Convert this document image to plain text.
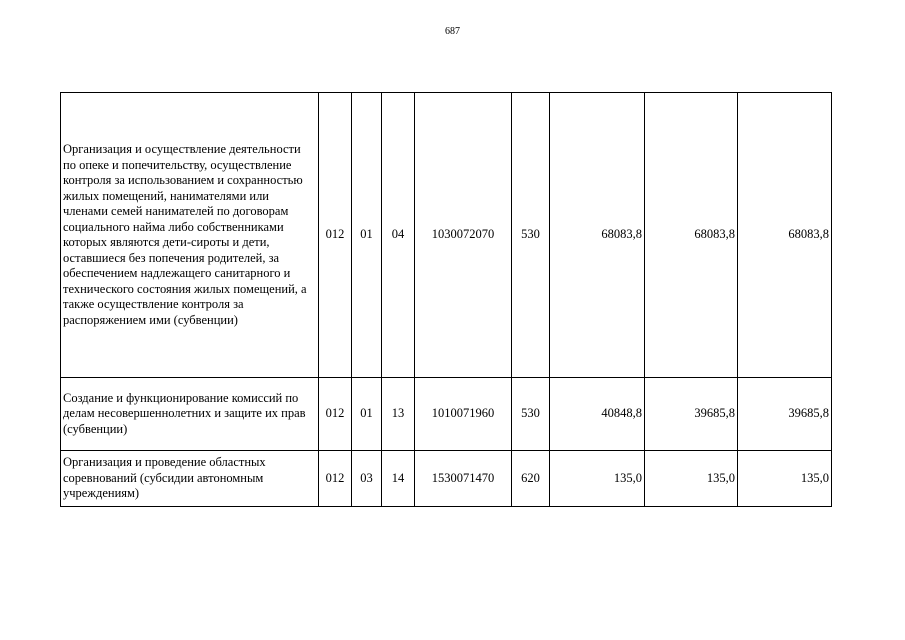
687
Организация и осуществление деятельности по опеке и попечительству, осуществление контроля за использованием и сохранностью жилых помещений, нанимателями или членами семей нанимателей по договорам социального найма либо собственниками которых являются дети-сироты и дети, оставшиеся без попечения родителей, за обеспечением надлежащего санитарного и технического состояния жилых помещений, а также осуществление контроля за распоряжением ими (субвенции)	012	01	04	1030072070	530	68083,8	68083,8	68083,8
Создание и функционирование комиссий по делам несовершеннолетних и защите их прав (субвенции)	012	01	13	1010071960	530	40848,8	39685,8	39685,8
Организация и проведение областных соревнований (субсидии автономным учреждениям)	012	03	14	1530071470	620	135,0	135,0	135,0
